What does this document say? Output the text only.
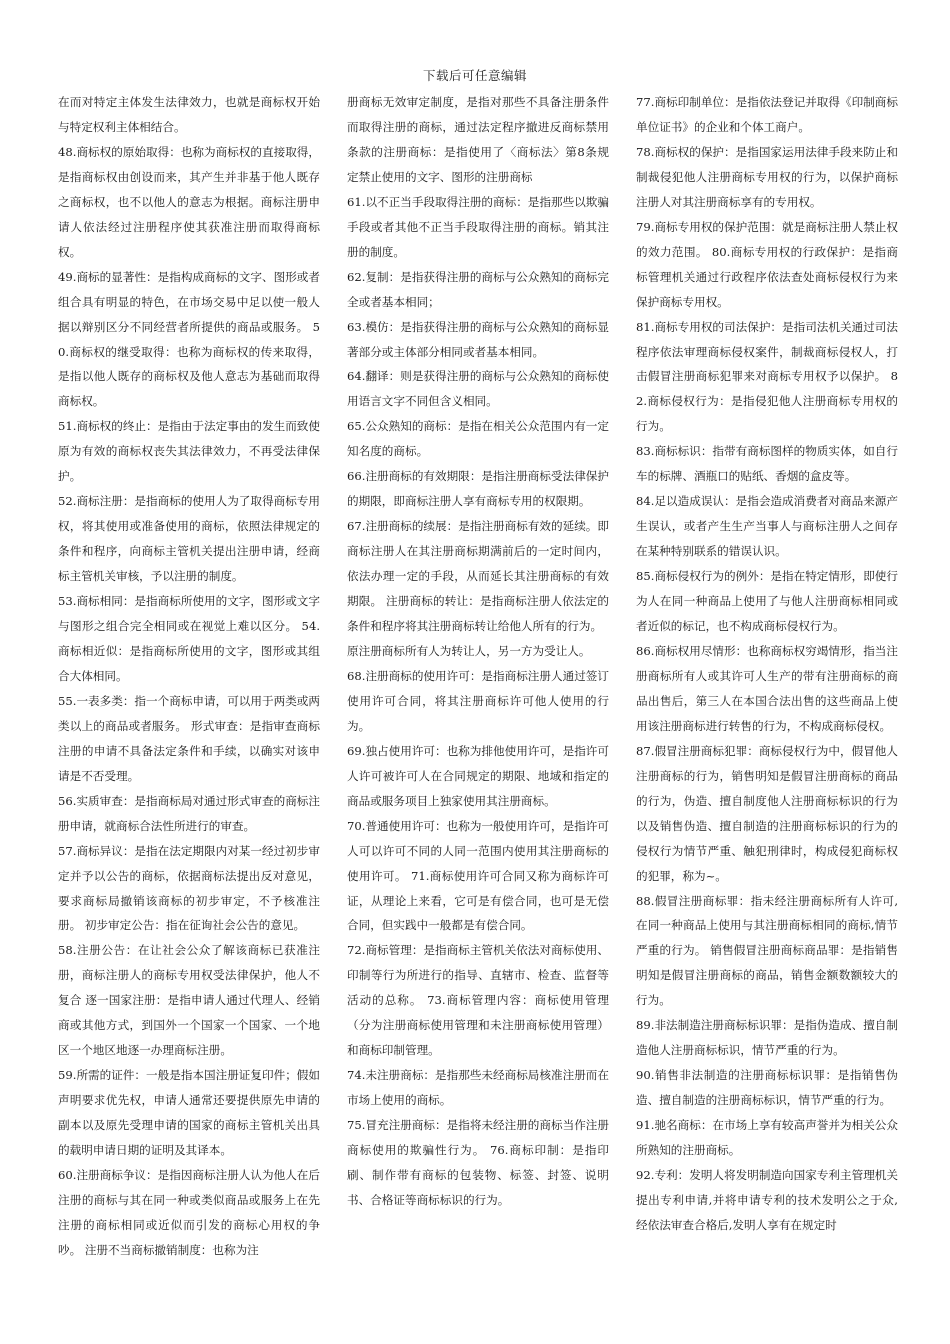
下载后可任意编辑

在而对特定主体发生法律效力，也就是商标权开始与特定权利主体相结合。

48.商标权的原始取得：也称为商标权的直接取得，是指商标权由创设而来，其产生并非基于他人既存之商标权，也不以他人的意志为根据。商标注册申请人依法经过注册程序使其获准注册而取得商标权。

49.商标的显著性：是指构成商标的文字、图形或者组合具有明显的特色，在市场交易中足以使一般人据以辩别区分不同经营者所提供的商品或服务。 50.商标权的继受取得：也称为商标权的传来取得，是指以他人既存的商标权及他人意志为基础而取得商标权。

51.商标权的终止：是指由于法定事由的发生而致使原为有效的商标权丧失其法律效力，不再受法律保护。

52.商标注册：是指商标的使用人为了取得商标专用权，将其使用或准备使用的商标，依照法律规定的条件和程序，向商标主管机关提出注册申请，经商标主管机关审核，予以注册的制度。

53.商标相同：是指商标所使用的文字，图形或文字与图形之组合完全相同或在视觉上难以区分。 54.商标相近似：是指商标所使用的文字，图形或其组合大体相同。

55.一表多类：指一个商标申请，可以用于两类或两类以上的商品或者服务。 形式审查：是指审查商标注册的申请不具备法定条件和手续，以确实对该申请是不否受理。

56.实质审查：是指商标局对通过形式审查的商标注册申请，就商标合法性所进行的审查。

57.商标异议：是指在法定期限内对某一经过初步审定并予以公告的商标，依据商标法提出反对意见，要求商标局撤销该商标的初步审定，不予核准注册。 初步审定公告：指在征询社会公告的意见。

58.注册公告：在让社会公众了解该商标已获准注册，商标注册人的商标专用权受法律保护，他人不复合 逐一国家注册：是指申请人通过代理人、经销商或其他方式，到国外一个国家一个国家、一个地区一个地区地逐一办理商标注册。

59.所需的证件：一般是指本国注册证复印件；假如声明要求优先权，申请人通常还要提供原先申请的副本以及原先受理申请的国家的商标主管机关出具的载明申请日期的证明及其译本。

60.注册商标争议：是指因商标注册人认为他人在后注册的商标与其在同一种或类似商品或服务上在先注册的商标相同或近似而引发的商标心用权的争吵。 注册不当商标撤销制度：也称为注

册商标无效审定制度，是指对那些不具备注册条件而取得注册的商标，通过法定程序撤进反商标禁用条款的注册商标：是指使用了〈商标法〉第8条规定禁止使用的文字、图形的注册商标

61.以不正当手段取得注册的商标：是指那些以欺骗手段或者其他不正当手段取得注册的商标。销其注册的制度。

62.复制：是指获得注册的商标与公众熟知的商标完全或者基本相同；

63.模仿：是指获得注册的商标与公众熟知的商标显著部分或主体部分相同或者基本相同。

64.翻译：则是获得注册的商标与公众熟知的商标使用语言文字不同但含义相同。

65.公众熟知的商标：是指在相关公众范围内有一定知名度的商标。

66.注册商标的有效期限：是指注册商标受法律保护的期限，即商标注册人享有商标专用的权限期。

67.注册商标的续展：是指注册商标有效的延续。即商标注册人在其注册商标期满前后的一定时间内，依法办理一定的手段，从而延长其注册商标的有效期限。 注册商标的转让：是指商标注册人依法定的条件和程序将其注册商标转让给他人所有的行为。

原注册商标所有人为转让人，另一方为受让人。

68.注册商标的使用许可：是指商标注册人通过签订使用许可合同，将其注册商标许可他人使用的行为。

69.独占使用许可：也称为排他使用许可，是指许可人许可被许可人在合同规定的期限、地域和指定的商品或服务项目上独家使用其注册商标。

70.普通使用许可：也称为一般使用许可，是指许可人可以许可不同的人同一范围内使用其注册商标的使用许可。 71.商标使用许可合同又称为商标许可证，从理论上来看，它可是有偿合同，也可是无偿合同，但实践中一般都是有偿合同。

72.商标管理：是指商标主管机关依法对商标使用、印制等行为所进行的指导、直辖市、检查、监督等活动的总称。 73.商标管理内容：商标使用管理（分为注册商标使用管理和未注册商标使用管理）和商标印制管理。

74.未注册商标：是指那些未经商标局核准注册而在市场上使用的商标。

75.冒充注册商标：是指将未经注册的商标当作注册商标使用的欺骗性行为。 76.商标印制：是指印刷、制作带有商标的包装物、标签、封签、说明书、合格证等商标标识的行为。

77.商标印制单位：是指依法登记并取得《印制商标单位证书》的企业和个体工商户。

78.商标权的保护：是指国家运用法律手段来防止和制裁侵犯他人注册商标专用权的行为，以保护商标注册人对其注册商标享有的专用权。

79.商标专用权的保护范围：就是商标注册人禁止权的效力范围。 80.商标专用权的行政保护：是指商标管理机关通过行政程序依法查处商标侵权行为来保护商标专用权。

81.商标专用权的司法保护：是指司法机关通过司法程序依法审理商标侵权案件，制裁商标侵权人，打击假冒注册商标犯罪来对商标专用权予以保护。 82.商标侵权行为：是指侵犯他人注册商标专用权的行为。

83.商标标识：指带有商标图样的物质实体，如自行车的标牌、酒瓶口的贴纸、香烟的盒皮等。

84.足以造成误认：是指会造成消费者对商品来源产生误认，或者产生生产当事人与商标注册人之间存在某种特别联系的错误认识。

85.商标侵权行为的例外：是指在特定情形，即使行为人在同一种商品上使用了与他人注册商标相同或者近似的标记，也不构成商标侵权行为。

86.商标权用尽情形：也称商标权穷竭情形，指当注册商标所有人或其许可人生产的带有注册商标的商品出售后，第三人在本国合法出售的这些商品上使用该注册商标进行转售的行为，不构成商标侵权。

87.假冒注册商标犯罪：商标侵权行为中，假冒他人注册商标的行为，销售明知是假冒注册商标的商品的行为，伪造、擅自制度他人注册商标标识的行为以及销售伪造、擅自制造的注册商标标识的行为的侵权行为情节严重、触犯刑律时，构成侵犯商标权的犯罪，称为~。

88.假冒注册商标罪：指未经注册商标所有人许可,在同一种商品上使用与其注册商标相同的商标,情节严重的行为。 销售假冒注册商标商品罪：是指销售明知是假冒注册商标的商品，销售金额数额较大的行为。

89.非法制造注册商标标识罪：是指伪造成、擅自制造他人注册商标标识，情节严重的行为。

90.销售非法制造的注册商标标识罪：是指销售伪造、擅自制造的注册商标标识，情节严重的行为。

91.驰名商标：在市场上享有较高声誉并为相关公众所熟知的注册商标。

92.专利：发明人将发明制造向国家专利主管理机关提出专利申请,并将申请专利的技术发明公之于众,经依法审查合格后,发明人享有在规定时
